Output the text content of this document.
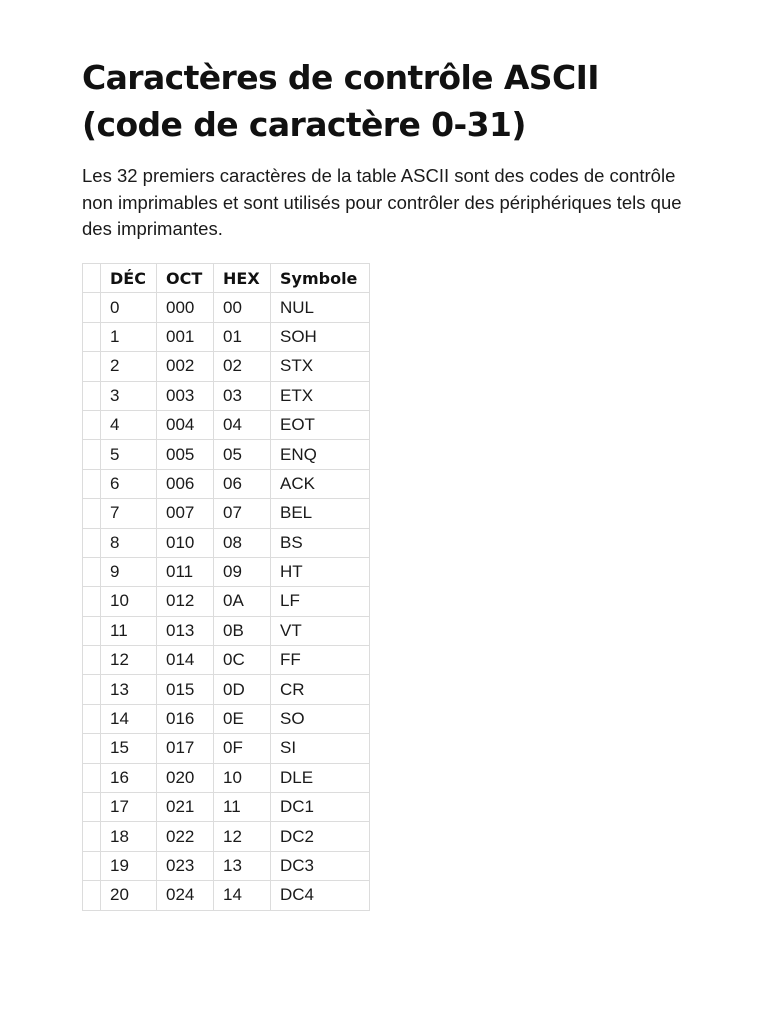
Caractères de contrôle ASCII (code de caractère 0-31)

Les 32 premiers caractères de la table ASCII sont des codes de contrôle non imprimables et sont utilisés pour contrôler des périphériques tels que des imprimantes.

	DÉC	OCT	HEX	Symbole
	0	000	00	NUL
	1	001	01	SOH
	2	002	02	STX
	3	003	03	ETX
	4	004	04	EOT
	5	005	05	ENQ
	6	006	06	ACK
	7	007	07	BEL
	8	010	08	BS
	9	011	09	HT
	10	012	0A	LF
	11	013	0B	VT
	12	014	0C	FF
	13	015	0D	CR
	14	016	0E	SO
	15	017	0F	SI
	16	020	10	DLE
	17	021	11	DC1
	18	022	12	DC2
	19	023	13	DC3
	20	024	14	DC4
